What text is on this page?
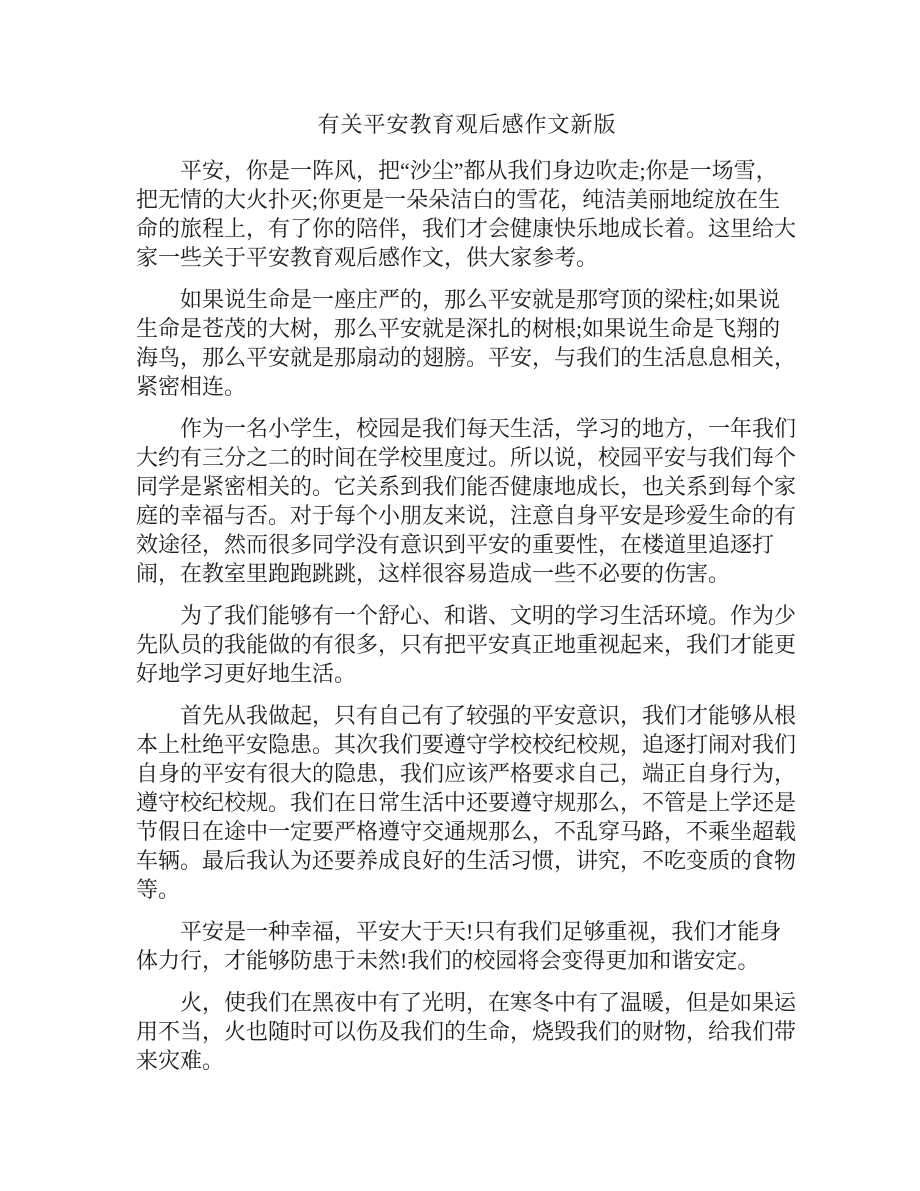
有关平安教育观后感作文新版

平安，你是一阵风，把“沙尘”都从我们身边吹走;你是一场雪，把无情的大火扑灭;你更是一朵朵洁白的雪花，纯洁美丽地绽放在生命的旅程上，有了你的陪伴，我们才会健康快乐地成长着。这里给大家一些关于平安教育观后感作文，供大家参考。

如果说生命是一座庄严的，那么平安就是那穹顶的梁柱;如果说生命是苍茂的大树，那么平安就是深扎的树根;如果说生命是飞翔的海鸟，那么平安就是那扇动的翅膀。平安，与我们的生活息息相关，紧密相连。

作为一名小学生，校园是我们每天生活，学习的地方，一年我们大约有三分之二的时间在学校里度过。所以说，校园平安与我们每个同学是紧密相关的。它关系到我们能否健康地成长，也关系到每个家庭的幸福与否。对于每个小朋友来说，注意自身平安是珍爱生命的有效途径，然而很多同学没有意识到平安的重要性，在楼道里追逐打闹，在教室里跑跑跳跳，这样很容易造成一些不必要的伤害。

为了我们能够有一个舒心、和谐、文明的学习生活环境。作为少先队员的我能做的有很多，只有把平安真正地重视起来，我们才能更好地学习更好地生活。

首先从我做起，只有自己有了较强的平安意识，我们才能够从根本上杜绝平安隐患。其次我们要遵守学校校纪校规，追逐打闹对我们自身的平安有很大的隐患，我们应该严格要求自己，端正自身行为，遵守校纪校规。我们在日常生活中还要遵守规那么，不管是上学还是节假日在途中一定要严格遵守交通规那么，不乱穿马路，不乘坐超载车辆。最后我认为还要养成良好的生活习惯，讲究，不吃变质的食物等。

平安是一种幸福，平安大于天!只有我们足够重视，我们才能身体力行，才能够防患于未然!我们的校园将会变得更加和谐安定。

火，使我们在黑夜中有了光明，在寒冬中有了温暖，但是如果运用不当，火也随时可以伤及我们的生命，烧毁我们的财物，给我们带来灾难。
